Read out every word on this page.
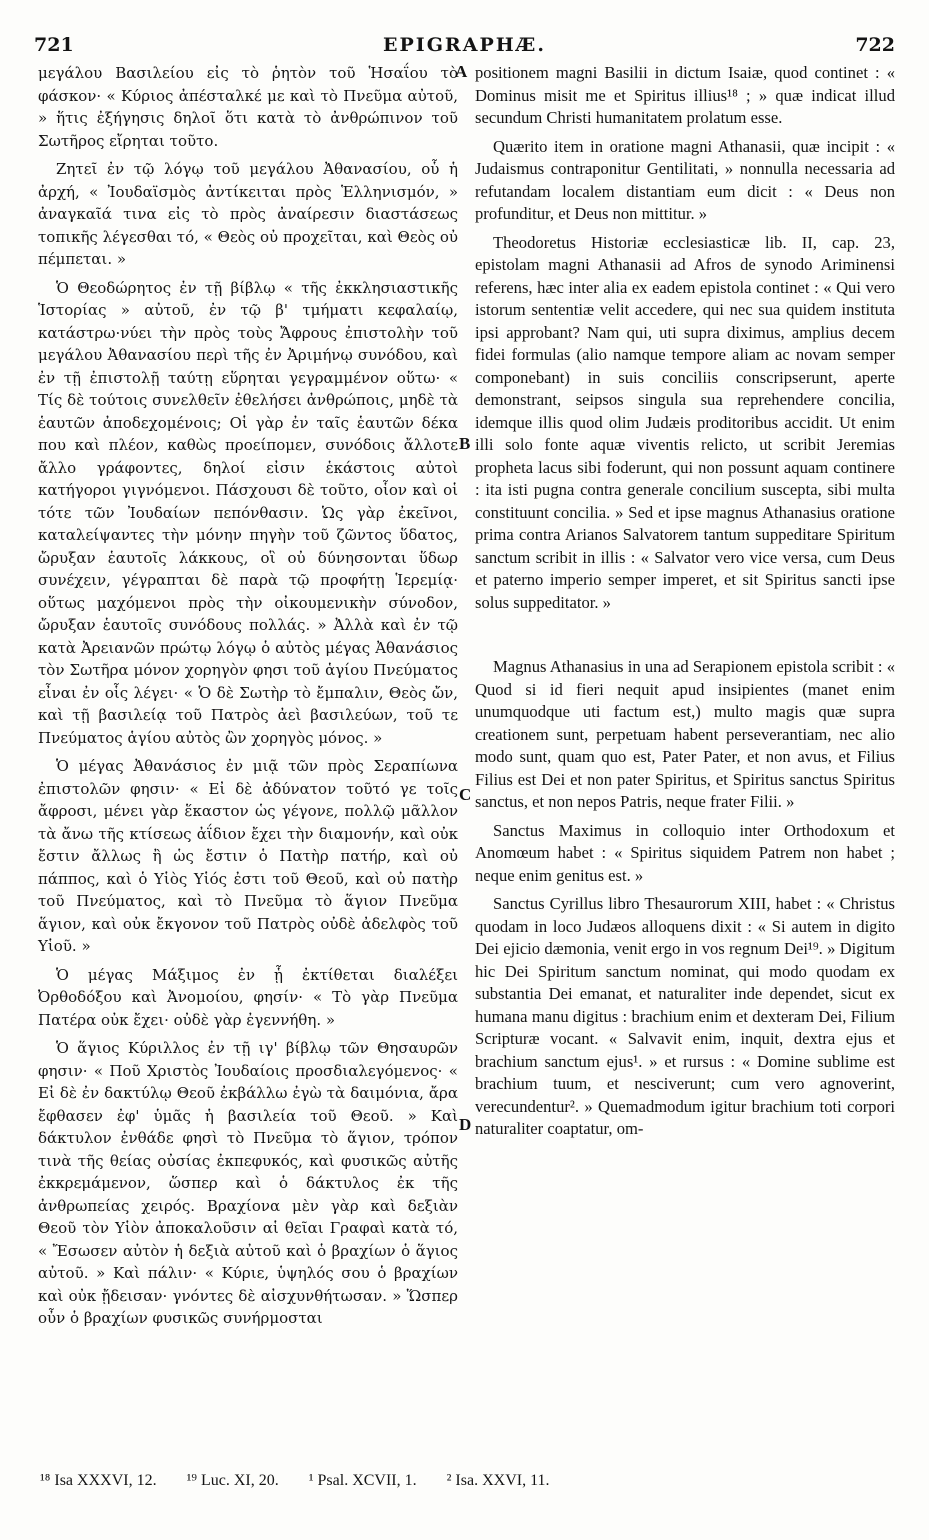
721	EPIGRAPHÆ.	722

μεγάλου Βασιλείου εἰς τὸ ῥητὸν τοῦ Ἡσαΐου τὸ φάσκον· « Κύριος ἀπέσταλκέ με καὶ τὸ Πνεῦμα αὐτοῦ, » ἥτις ἐξήγησις δηλοῖ ὅτι κατὰ τὸ ἀνθρώπινον τοῦ Σωτῆρος εἴρηται τοῦτο.

Ζητεῖ ἐν τῷ λόγῳ τοῦ μεγάλου Ἀθανασίου, οὗ ἡ ἀρχή, « Ἰουδαϊσμὸς ἀντίκειται πρὸς Ἑλληνισμόν, » ἀναγκαῖά τινα εἰς τὸ πρὸς ἀναίρεσιν διαστάσεως τοπικῆς λέγεσθαι τό, « Θεὸς οὐ προχεῖται, καὶ Θεὸς οὐ πέμπεται. »

Ὁ Θεοδώρητος ἐν τῇ βίβλῳ « τῆς ἐκκλησιαστικῆς Ἱστορίας » αὐτοῦ, ἐν τῷ β' τμήματι κεφαλαίῳ, κατάστρω·νύει τὴν πρὸς τοὺς Ἄφρους ἐπιστολὴν τοῦ μεγάλου Ἀθανασίου περὶ τῆς ἐν Ἀριμήνῳ συνόδου, καὶ ἐν τῇ ἐπιστολῇ ταύτῃ εὕρηται γεγραμμένον οὕτω· « Τίς δὲ τούτοις συνελθεῖν ἐθελήσει ἀνθρώποις, μηδὲ τὰ ἑαυτῶν ἀποδεχομένοις; Οἱ γὰρ ἐν ταῖς ἑαυτῶν δέκα που καὶ πλέον, καθὼς προείπομεν, συνόδοις ἄλλοτε ἄλλο γράφοντες, δηλοί εἰσιν ἑκάστοις αὐτοὶ κατήγοροι γιγνόμενοι. Πάσχουσι δὲ τοῦτο, οἷον καὶ οἱ τότε τῶν Ἰουδαίων πεπόνθασιν. Ὡς γὰρ ἐκεῖνοι, καταλείψαντες τὴν μόνην πηγὴν τοῦ ζῶντος ὕδατος, ὤρυξαν ἑαυτοῖς λάκκους, οἳ οὐ δύνησονται ὕδωρ συνέχειν, γέγραπται δὲ παρὰ τῷ προφήτῃ Ἱερεμίᾳ· οὕτως μαχόμενοι πρὸς τὴν οἰκουμενικὴν σύνοδον, ὤρυξαν ἑαυτοῖς συνόδους πολλάς. » Ἀλλὰ καὶ ἐν τῷ κατὰ Ἀρειανῶν πρώτῳ λόγῳ ὁ αὐτὸς μέγας Ἀθανάσιος τὸν Σωτῆρα μόνον χορηγὸν φησι τοῦ ἁγίου Πνεύματος εἶναι ἐν οἷς λέγει· « Ὁ δὲ Σωτὴρ τὸ ἔμπαλιν, Θεὸς ὤν, καὶ τῇ βασιλείᾳ τοῦ Πατρὸς ἀεὶ βασιλεύων, τοῦ τε Πνεύματος ἁγίου αὐτὸς ὢν χορηγὸς μόνος. »

Ὁ μέγας Ἀθανάσιος ἐν μιᾷ τῶν πρὸς Σεραπίωνα ἐπιστολῶν φησιν· « Εἰ δὲ ἀδύνατον τοῦτό γε τοῖς ἄφροσι, μένει γὰρ ἕκαστον ὡς γέγονε, πολλῷ μᾶλλον τὰ ἄνω τῆς κτίσεως ἀΐδιον ἔχει τὴν διαμονήν, καὶ οὐκ ἔστιν ἄλλως ἢ ὡς ἔστιν ὁ Πατὴρ πατήρ, καὶ οὐ πάππος, καὶ ὁ Υἱὸς Υἱός ἐστι τοῦ Θεοῦ, καὶ οὐ πατὴρ τοῦ Πνεύματος, καὶ τὸ Πνεῦμα τὸ ἅγιον Πνεῦμα ἅγιον, καὶ οὐκ ἔκγονον τοῦ Πατρὸς οὐδὲ ἀδελφὸς τοῦ Υἱοῦ. »

Ὁ μέγας Μάξιμος ἐν ᾗ ἐκτίθεται διαλέξει Ὀρθοδόξου καὶ Ἀνομοίου, φησίν· « Τὸ γὰρ Πνεῦμα Πατέρα οὐκ ἔχει· οὐδὲ γὰρ ἐγεννήθη. »

Ὁ ἅγιος Κύριλλος ἐν τῇ ιγ' βίβλῳ τῶν Θησαυρῶν φησιν· « Ποῦ Χριστὸς Ἰουδαίοις προσδιαλεγόμενος· « Εἰ δὲ ἐν δακτύλῳ Θεοῦ ἐκβάλλω ἐγὼ τὰ δαιμόνια, ἄρα ἔφθασεν ἐφ' ὑμᾶς ἡ βασιλεία τοῦ Θεοῦ. » Καὶ δάκτυλον ἐνθάδε φησὶ τὸ Πνεῦμα τὸ ἅγιον, τρόπον τινὰ τῆς θείας οὐσίας ἐκπεφυκός, καὶ φυσικῶς αὐτῆς ἐκκρεμάμενον, ὥσπερ καὶ ὁ δάκτυλος ἐκ τῆς ἀνθρωπείας χειρός. Βραχίονα μὲν γὰρ καὶ δεξιὰν Θεοῦ τὸν Υἱὸν ἀποκαλοῦσιν αἱ θεῖαι Γραφαὶ κατὰ τό, « Ἔσωσεν αὐτὸν ἡ δεξιὰ αὐτοῦ καὶ ὁ βραχίων ὁ ἅγιος αὐτοῦ. » Καὶ πάλιν· « Κύριε, ὑψηλός σου ὁ βραχίων καὶ οὐκ ᾔδεισαν· γνόντες δὲ αἰσχυνθήτωσαν. » Ὥσπερ οὖν ὁ βραχίων φυσικῶς συνήρμοσται

A
B
C
D

positionem magni Basilii in dictum Isaiæ, quod continet : « Dominus misit me et Spiritus illius¹⁸ ; » quæ indicat illud secundum Christi humanitatem prolatum esse.

Quærito item in oratione magni Athanasii, quæ incipit : « Judaismus contraponitur Gentilitati, » nonnulla necessaria ad refutandam localem distantiam eum dicit : « Deus non profunditur, et Deus non mittitur. »

Theodoretus Historiæ ecclesiasticæ lib. II, cap. 23, epistolam magni Athanasii ad Afros de synodo Ariminensi referens, hæc inter alia ex eadem epistola continet : « Qui vero istorum sententiæ velit accedere, qui nec sua quidem instituta ipsi approbant? Nam qui, uti supra diximus, amplius decem fidei formulas (alio namque tempore aliam ac novam semper componebant) in suis conciliis conscripserunt, aperte demonstrant, seipsos singula sua reprehendere concilia, idemque illis quod olim Judæis proditoribus accidit. Ut enim illi solo fonte aquæ viventis relicto, ut scribit Jeremias propheta lacus sibi foderunt, qui non possunt aquam continere : ita isti pugna contra generale concilium suscepta, sibi multa constituunt concilia. » Sed et ipse magnus Athanasius oratione prima contra Arianos Salvatorem tantum suppeditare Spiritum sanctum scribit in illis : « Salvator vero vice versa, cum Deus et paterno imperio semper imperet, et sit Spiritus sancti ipse solus suppeditator. »

Magnus Athanasius in una ad Serapionem epistola scribit : « Quod si id fieri nequit apud insipientes (manet enim unumquodque uti factum est,) multo magis quæ supra creationem sunt, perpetuam habent perseverantiam, nec alio modo sunt, quam quo est, Pater Pater, et non avus, et Filius Filius est Dei et non pater Spiritus, et Spiritus sanctus Spiritus sanctus, et non nepos Patris, neque frater Filii. »

Sanctus Maximus in colloquio inter Orthodoxum et Anomœum habet : « Spiritus siquidem Patrem non habet ; neque enim genitus est. »

Sanctus Cyrillus libro Thesaurorum XIII, habet : « Christus quodam in loco Judæos alloquens dixit : « Si autem in digito Dei ejicio dæmonia, venit ergo in vos regnum Dei¹⁹. » Digitum hic Dei Spiritum sanctum nominat, qui modo quodam ex substantia Dei emanat, et naturaliter inde dependet, sicut ex humana manu digitus : brachium enim et dexteram Dei, Filium Scripturæ vocant. « Salvavit enim, inquit, dextra ejus et brachium sanctum ejus¹. » et rursus : « Domine sublime est brachium tuum, et nesciverunt; cum vero agnoverint, verecundentur². » Quemadmodum igitur brachium toti corpori naturaliter coaptatur, om-

¹⁸ Isa XXXVI, 12. ¹⁹ Luc. XI, 20. ¹ Psal. XCVII, 1. ² Isa. XXVI, 11.
